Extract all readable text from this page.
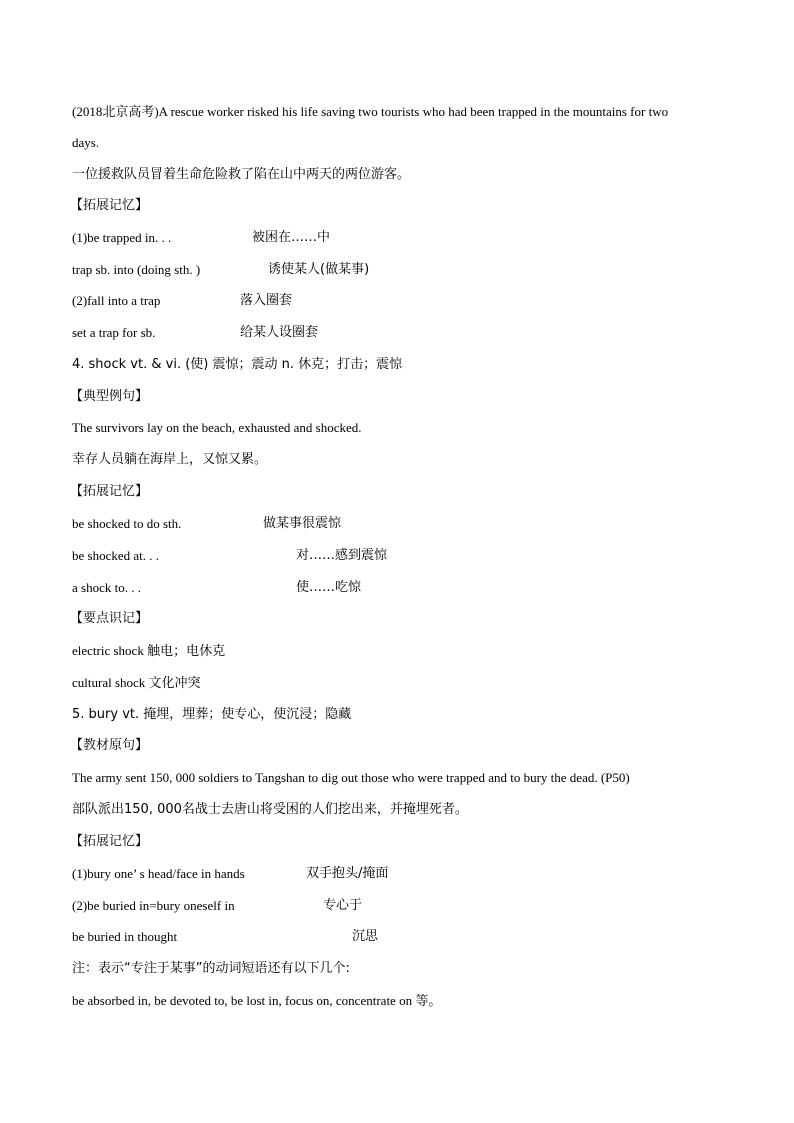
(2018北京高考)A rescue worker risked his life saving two tourists who had been trapped in the mountains for two
days.
一位援救队员冒着生命危险救了陷在山中两天的两位游客。
【拓展记忆】
(1)be trapped in. . .	被困在……中
trap sb. into (doing sth. )	诱使某人(做某事)
(2)fall into a trap	落入圈套
set a trap for sb.	给某人设圈套
4. shock vt. & vi. (使) 震惊；震动 n. 休克；打击；震惊
【典型例句】
The survivors lay on the beach, exhausted and shocked.
幸存人员躺在海岸上，又惊又累。
【拓展记忆】
be shocked to do sth.	做某事很震惊
be shocked at. . .	对……感到震惊
a shock to. . .	使……吃惊
【要点识记】
electric shock 触电；电休克
cultural shock 文化冲突
5. bury vt. 掩埋，埋葬；使专心，使沉浸；隐藏
【教材原句】
The army sent 150, 000 soldiers to Tangshan to dig out those who were trapped and to bury the dead. (P50)
部队派出150, 000名战士去唐山将受困的人们挖出来，并掩埋死者。
【拓展记忆】
(1)bury one’ s head/face in hands	双手抱头/掩面
(2)be buried in=bury oneself in	专心于
be buried in thought	沉思
注：表示“专注于某事”的动词短语还有以下几个:
be absorbed in, be devoted to, be lost in, focus on, concentrate on 等。
